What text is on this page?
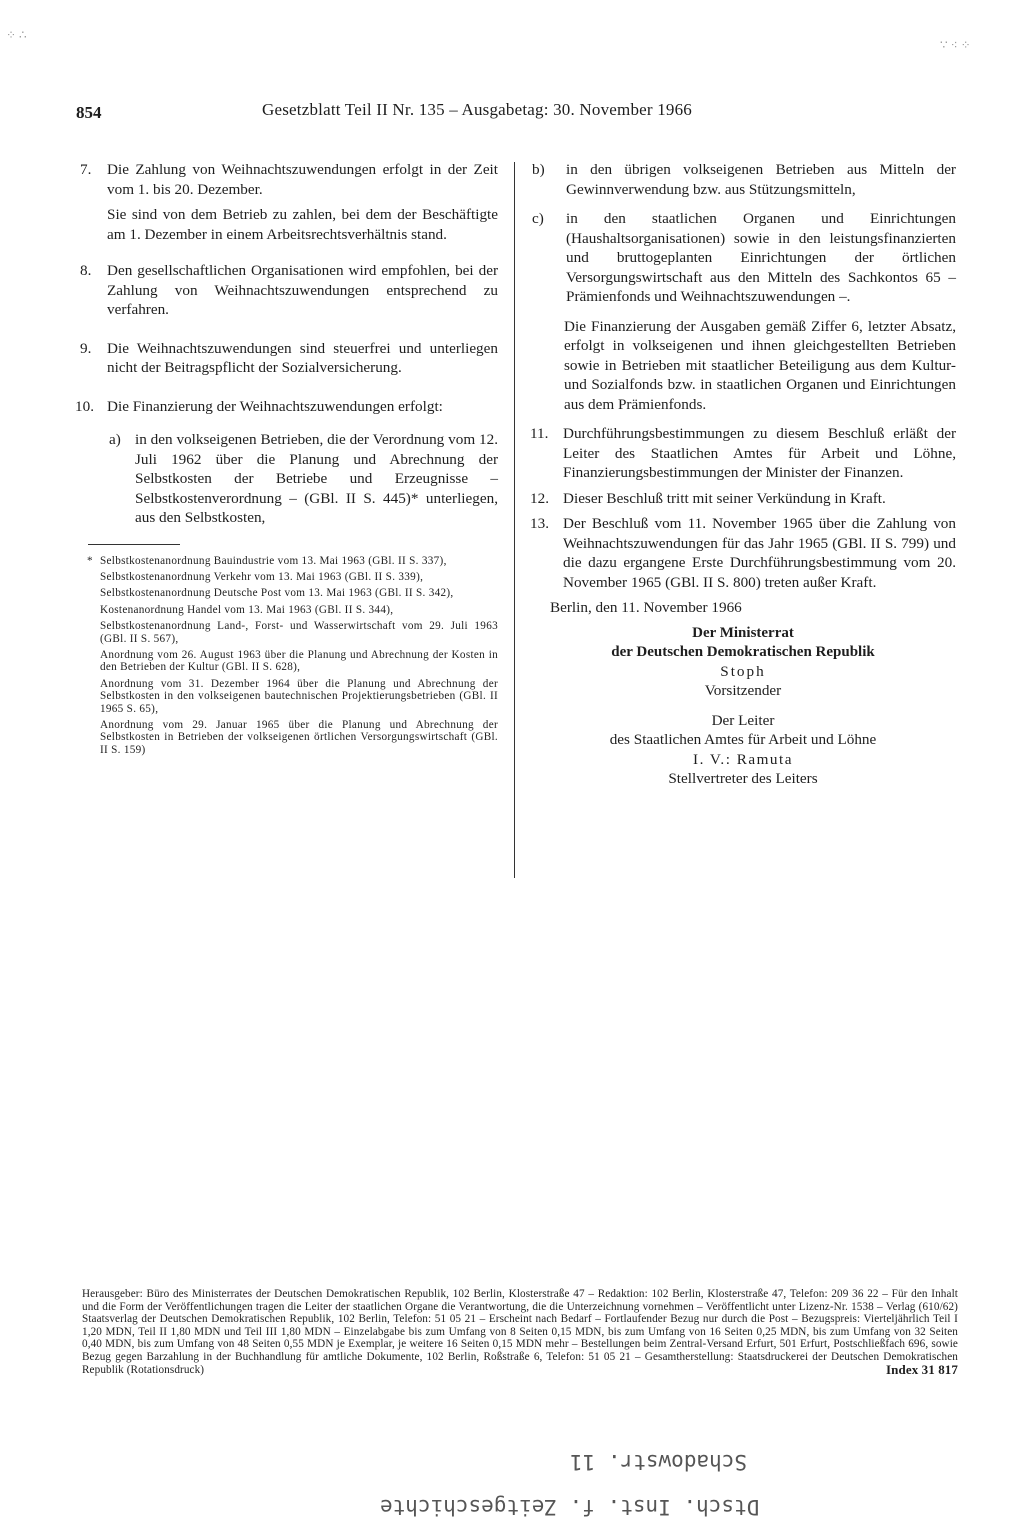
⁘ ∴
∵ ⁖ ⁘
854	Gesetzblatt Teil II Nr. 135 – Ausgabetag: 30. November 1966
7.	Die Zahlung von Weihnachtszuwendungen erfolgt in der Zeit vom 1. bis 20. Dezember.

Sie sind von dem Betrieb zu zahlen, bei dem der Beschäftigte am 1. Dezember in einem Arbeitsrechtsverhältnis stand.

8.	Den gesellschaftlichen Organisationen wird empfohlen, bei der Zahlung von Weihnachtszuwendungen entsprechend zu verfahren.

9.	Die Weihnachtszuwendungen sind steuerfrei und unterliegen nicht der Beitragspflicht der Sozialversicherung.

10. Die Finanzierung der Weihnachtszuwendungen erfolgt:

a) in den volkseigenen Betrieben, die der Verordnung vom 12. Juli 1962 über die Planung und Abrechnung der Selbstkosten der Betriebe und Erzeugnisse – Selbstkostenverordnung – (GBl. II S. 445)* unterliegen, aus den Selbstkosten,
* Selbstkostenanordnung Bauindustrie vom 13. Mai 1963 (GBl. II S. 337),
Selbstkostenanordnung Verkehr vom 13. Mai 1963 (GBl. II S. 339),
Selbstkostenanordnung Deutsche Post vom 13. Mai 1963 (GBl. II S. 342),
Kostenanordnung Handel vom 13. Mai 1963 (GBl. II S. 344),
Selbstkostenanordnung Land-, Forst- und Wasserwirtschaft vom 29. Juli 1963 (GBl. II S. 567),
Anordnung vom 26. August 1963 über die Planung und Abrechnung der Kosten in den Betrieben der Kultur (GBl. II S. 628),
Anordnung vom 31. Dezember 1964 über die Planung und Abrechnung der Selbstkosten in den volkseigenen bautechnischen Projektierungsbetrieben (GBl. II 1965 S. 65),
Anordnung vom 29. Januar 1965 über die Planung und Abrechnung der Selbstkosten in Betrieben der volkseigenen örtlichen Versorgungswirtschaft (GBl. II S. 159)
b)	in den übrigen volkseigenen Betrieben aus Mitteln der Gewinnverwendung bzw. aus Stützungsmitteln,
c)	in den staatlichen Organen und Einrichtungen (Haushaltsorganisationen) sowie in den leistungsfinanzierten und bruttogeplanten Einrichtungen der örtlichen Versorgungswirtschaft aus den Mitteln des Sachkontos 65 – Prämienfonds und Weihnachtszuwendungen –.

Die Finanzierung der Ausgaben gemäß Ziffer 6, letzter Absatz, erfolgt in volkseigenen und ihnen gleichgestellten Betrieben sowie in Betrieben mit staatlicher Beteiligung aus dem Kultur- und Sozialfonds bzw. in staatlichen Organen und Einrichtungen aus dem Prämienfonds.

11. Durchführungsbestimmungen zu diesem Beschluß erläßt der Leiter des Staatlichen Amtes für Arbeit und Löhne, Finanzierungsbestimmungen der Minister der Finanzen.
12. Dieser Beschluß tritt mit seiner Verkündung in Kraft.
13. Der Beschluß vom 11. November 1965 über die Zahlung von Weihnachtszuwendungen für das Jahr 1965 (GBl. II S. 799) und die dazu ergangene Erste Durchführungsbestimmung vom 20. November 1965 (GBl. II S. 800) treten außer Kraft.
Berlin, den 11. November 1966
Der Ministerrat
der Deutschen Demokratischen Republik
Stoph
Vorsitzender
Der Leiter
des Staatlichen Amtes für Arbeit und Löhne
I. V.: Ramuta
Stellvertreter des Leiters
Herausgeber: Büro des Ministerrates der Deutschen Demokratischen Republik, 102 Berlin, Klosterstraße 47 – Redaktion: 102 Berlin, Klosterstraße 47, Telefon: 209 36 22 – Für den Inhalt und die Form der Veröffentlichungen tragen die Leiter der staatlichen Organe die Verantwortung, die die Unterzeichnung vornehmen – Veröffentlicht unter Lizenz-Nr. 1538 – Verlag (610/62) Staatsverlag der Deutschen Demokratischen Republik, 102 Berlin, Telefon: 51 05 21 – Erscheint nach Bedarf – Fortlaufender Bezug nur durch die Post – Bezugspreis: Vierteljährlich Teil I 1,20 MDN, Teil II 1,80 MDN und Teil III 1,80 MDN – Einzelabgabe bis zum Umfang von 8 Seiten 0,15 MDN, bis zum Umfang von 16 Seiten 0,25 MDN, bis zum Umfang von 32 Seiten 0,40 MDN, bis zum Umfang von 48 Seiten 0,55 MDN je Exemplar, je weitere 16 Seiten 0,15 MDN mehr – Bestellungen beim Zentral-Versand Erfurt, 501 Erfurt, Postschließfach 696, sowie Bezug gegen Barzahlung in der Buchhandlung für amtliche Dokumente, 102 Berlin, Roßstraße 6, Telefon: 51 05 21 – Gesamtherstellung: Staatsdruckerei der Deutschen Demokratischen Republik (Rotationsdruck)	Index 31 817
Schadowstr. 11
Dtsch. Inst. f. Zeitgeschichte
